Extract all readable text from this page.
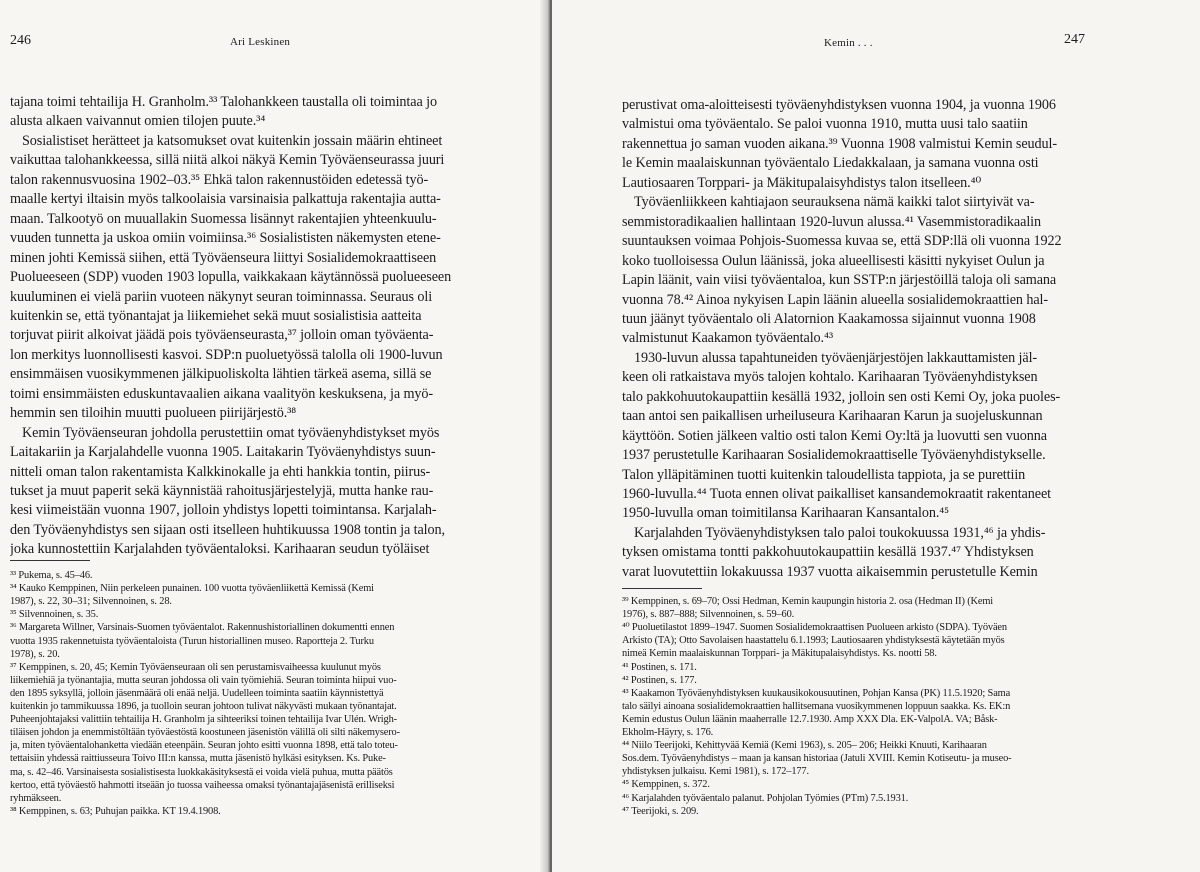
246	Ari Leskinen
tajana toimi tehtailija H. Granholm.³³ Talohankkeen taustalla oli toimintaa jo
alusta alkaen vaivannut omien tilojen puute.³⁴
Sosialistiset herätteet ja katsomukset ovat kuitenkin jossain määrin ehtineet
vaikuttaa talohankkeessa, sillä niitä alkoi näkyä Kemin Työväenseurassa juuri
talon rakennusvuosina 1902–03.³⁵ Ehkä talon rakennustöiden edetessä työ-
maalle kertyi iltaisin myös talkoolaisia varsinaisia palkattuja rakentajia autta-
maan. Talkootyö on muuallakin Suomessa lisännyt rakentajien yhteenkuulu-
vuuden tunnetta ja uskoa omiin voimiinsa.³⁶ Sosialististen näkemysten etene-
minen johti Kemissä siihen, että Työväenseura liittyi Sosialidemokraattiseen
Puolueeseen (SDP) vuoden 1903 lopulla, vaikkakaan käytännössä puolueeseen
kuuluminen ei vielä pariin vuoteen näkynyt seuran toiminnassa. Seuraus oli
kuitenkin se, että työnantajat ja liikemiehet sekä muut sosialistisia aatteita
torjuvat piirit alkoivat jäädä pois työväenseurasta,³⁷ jolloin oman työväenta-
lon merkitys luonnollisesti kasvoi. SDP:n puoluetyössä talolla oli 1900-luvun
ensimmäisen vuosikymmenen jälkipuoliskolta lähtien tärkeä asema, sillä se
toimi ensimmäisten eduskuntavaalien aikana vaalityön keskuksena, ja myö-
hemmin sen tiloihin muutti puolueen piirijärjestö.³⁸
Kemin Työväenseuran johdolla perustettiin omat työväenyhdistykset myös
Laitakariin ja Karjalahdelle vuonna 1905. Laitakarin Työväenyhdistys suun-
nitteli oman talon rakentamista Kalkkinokalle ja ehti hankkia tontin, piirus-
tukset ja muut paperit sekä käynnistää rahoitusjärjestelyjä, mutta hanke rau-
kesi viimeistään vuonna 1907, jolloin yhdistys lopetti toimintansa. Karjalah-
den Työväenyhdistys sen sijaan osti itselleen huhtikuussa 1908 tontin ja talon,
joka kunnostettiin Karjalahden työväentaloksi. Karihaaran seudun työläiset
³³ Pukema, s. 45–46.
³⁴ Kauko Kemppinen, Niin perkeleen punainen. 100 vuotta työväenliikettä Kemissä (Kemi
1987), s. 22, 30–31; Silvennoinen, s. 28.
³⁵ Silvennoinen, s. 35.
³⁶ Margareta Willner, Varsinais-Suomen työväentalot. Rakennushistoriallinen dokumentti ennen
vuotta 1935 rakennetuista työväentaloista (Turun historiallinen museo. Raportteja 2. Turku
1978), s. 20.
³⁷ Kemppinen, s. 20, 45; Kemin Työväenseuraan oli sen perustamisvaiheessa kuulunut myös
liikemiehiä ja työnantajia, mutta seuran johdossa oli vain työmiehiä. Seuran toiminta hiipui vuo-
den 1895 syksyllä, jolloin jäsenmäärä oli enää neljä. Uudelleen toiminta saatiin käynnistettyä
kuitenkin jo tammikuussa 1896, ja tuolloin seuran johtoon tulivat näkyvästi mukaan työnantajat.
Puheenjohtajaksi valittiin tehtailija H. Granholm ja sihteeriksi toinen tehtailija Ivar Ulén. Wrigh-
tiläisen johdon ja enemmistöltään työväestöstä koostuneen jäsenistön välillä oli silti näkemyserо-
ja, miten työväentalohanketta viedään eteenpäin. Seuran johto esitti vuonna 1898, että talo toteu-
tettaisiin yhdessä raittiusseura Toivo III:n kanssa, mutta jäsenistö hylkäsi esityksen. Ks. Puke-
ma, s. 42–46. Varsinaisesta sosialistisesta luokkakäsityksestä ei voida vielä puhua, mutta päätös
kertoo, että työväestö hahmotti itseään jo tuossa vaiheessa omaksi työnantajajäsenistä erilliseksi
ryhmäkseen.
³⁸ Kemppinen, s. 63; Puhujan paikka. KT 19.4.1908.
Kemin . . .	247
perustivat oma-aloitteisesti työväenyhdistyksen vuonna 1904, ja vuonna 1906
valmistui oma työväentalo. Se paloi vuonna 1910, mutta uusi talo saatiin
rakennettua jo saman vuoden aikana.³⁹ Vuonna 1908 valmistui Kemin seudul-
le Kemin maalaiskunnan työväentalo Liedakkalaan, ja samana vuonna osti
Lautiosaaren Torppari- ja Mäkitupalaisyhdistys talon itselleen.⁴⁰
Työväenliikkeen kahtiajaon seurauksena nämä kaikki talot siirtyivät va-
semmistoradikaalien hallintaan 1920-luvun alussa.⁴¹ Vasemmistoradikaalin
suuntauksen voimaa Pohjois-Suomessa kuvaa se, että SDP:llä oli vuonna 1922
koko tuolloisessa Oulun läänissä, joka alueellisesti käsitti nykyiset Oulun ja
Lapin läänit, vain viisi työväentaloa, kun SSTP:n järjestöillä taloja oli samana
vuonna 78.⁴² Ainoa nykyisen Lapin läänin alueella sosialidemokraattien hal-
tuun jäänyt työväentalo oli Alatornion Kaakamossa sijainnut vuonna 1908
valmistunut Kaakamon työväentalo.⁴³
1930-luvun alussa tapahtuneiden työväenjärjestöjen lakkauttamisten jäl-
keen oli ratkaistava myös talojen kohtalo. Karihaaran Työväenyhdistyksen
talo pakkohuutokaupattiin kesällä 1932, jolloin sen osti Kemi Oy, joka puoles-
taan antoi sen paikallisen urheiluseura Karihaaran Karun ja suojeluskunnan
käyttöön. Sotien jälkeen valtio osti talon Kemi Oy:ltä ja luovutti sen vuonna
1937 perustetulle Karihaaran Sosialidemokraattiselle Työväenyhdistykselle.
Talon ylläpitäminen tuotti kuitenkin taloudellista tappiota, ja se purettiin
1960-luvulla.⁴⁴ Tuota ennen olivat paikalliset kansandemokraatit rakentaneet
1950-luvulla oman toimitilansa Karihaaran Kansantalon.⁴⁵
Karjalahden Työväenyhdistyksen talo paloi toukokuussa 1931,⁴⁶ ja yhdis-
tyksen omistama tontti pakkohuutokaupattiin kesällä 1937.⁴⁷ Yhdistyksen
varat luovutettiin lokakuussa 1937 vuotta aikaisemmin perustetulle Kemin
³⁹ Kemppinen, s. 69–70; Ossi Hedman, Kemin kaupungin historia 2. osa (Hedman II) (Kemi
1976), s. 887–888; Silvennoinen, s. 59–60.
⁴⁰ Puoluetilastot 1899–1947. Suomen Sosialidemokraattisen Puolueen arkisto (SDPA). Työväen
Arkisto (TA); Otto Savolaisen haastattelu 6.1.1993; Lautiosaaren yhdistyksestä käytetään myös
nimeä Kemin maalaiskunnan Torppari- ja Mäkitupalaisyhdistys. Ks. nootti 58.
⁴¹ Postinen, s. 171.
⁴² Postinen, s. 177.
⁴³ Kaakamon Työväenyhdistyksen kuukausikokousuutinen, Pohjan Kansa (PK) 11.5.1920; Sama
talo säilyi ainoana sosialidemokraattien hallitsemana vuosikymmenen loppuun saakka. Ks. EK:n
Kemin edustus Oulun läänin maaherralle 12.7.1930. Amp XXX Dla. EK-ValpolA. VA; Båsk-
Ekholm-Häyry, s. 176.
⁴⁴ Niilo Teerijoki, Kehittyvää Kemiä (Kemi 1963), s. 205– 206; Heikki Knuuti, Karihaaran
Sos.dem. Työväenyhdistys – maan ja kansan historiaa (Jatuli XVIII. Kemin Kotiseutu- ja museo-
yhdistyksen julkaisu. Kemi 1981), s. 172–177.
⁴⁵ Kemppinen, s. 372.
⁴⁶ Karjalahden työväentalo palanut. Pohjolan Työmies (PTm) 7.5.1931.
⁴⁷ Teerijoki, s. 209.
